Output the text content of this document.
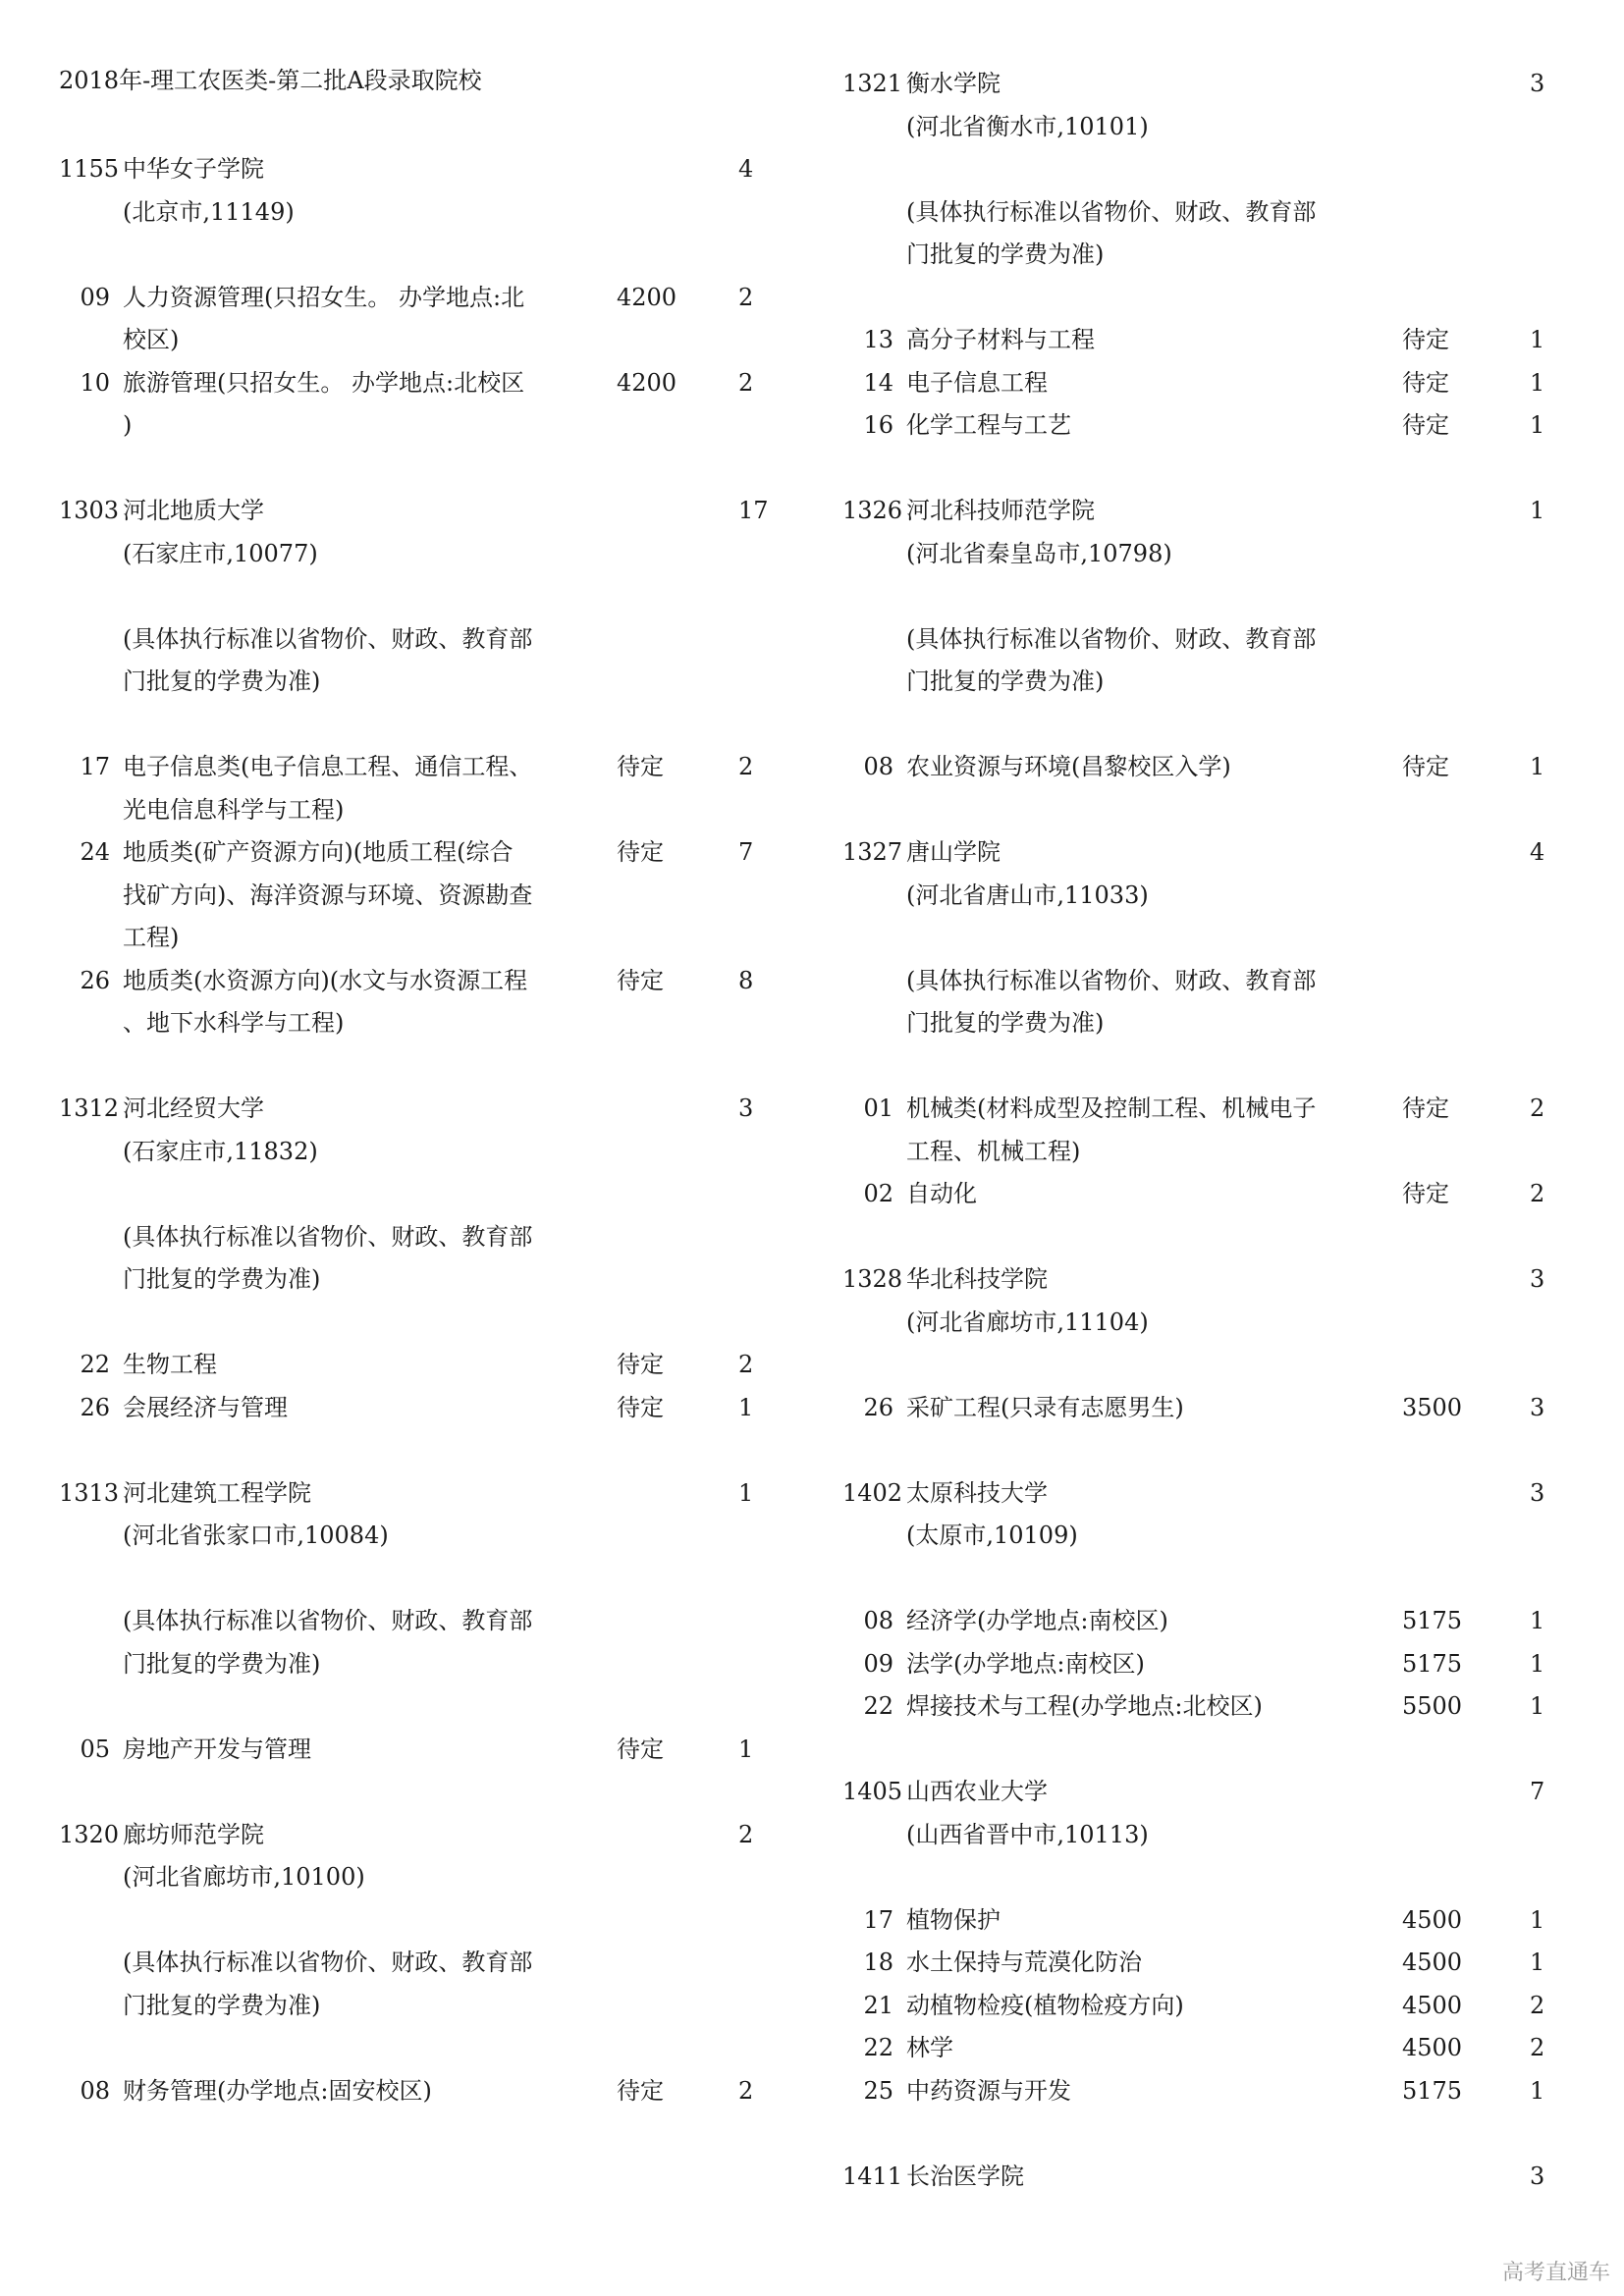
2018年-理工农医类-第二批A段录取院校
1155 中华女子学院	4
(北京市,11149)
09 人力资源管理(只招女生。 办学地点:北	4200	2
校区)
10 旅游管理(只招女生。 办学地点:北校区	4200	2
)
1303 河北地质大学	17
(石家庄市,10077)
(具体执行标准以省物价、财政、教育部
门批复的学费为准)
17 电子信息类(电子信息工程、通信工程、	待定	2
光电信息科学与工程)
24 地质类(矿产资源方向)(地质工程(综合	待定	7
找矿方向)、海洋资源与环境、资源勘查
工程)
26 地质类(水资源方向)(水文与水资源工程	待定	8
、地下水科学与工程)
1312 河北经贸大学	3
(石家庄市,11832)
(具体执行标准以省物价、财政、教育部
门批复的学费为准)
22 生物工程	待定	2
26 会展经济与管理	待定	1
1313 河北建筑工程学院	1
(河北省张家口市,10084)
(具体执行标准以省物价、财政、教育部
门批复的学费为准)
05 房地产开发与管理	待定	1
1320 廊坊师范学院	2
(河北省廊坊市,10100)
(具体执行标准以省物价、财政、教育部
门批复的学费为准)
08 财务管理(办学地点:固安校区)	待定	2
1321 衡水学院	3
(河北省衡水市,10101)
(具体执行标准以省物价、财政、教育部
门批复的学费为准)
13 高分子材料与工程	待定	1
14 电子信息工程	待定	1
16 化学工程与工艺	待定	1
1326 河北科技师范学院	1
(河北省秦皇岛市,10798)
(具体执行标准以省物价、财政、教育部
门批复的学费为准)
08 农业资源与环境(昌黎校区入学)	待定	1
1327 唐山学院	4
(河北省唐山市,11033)
(具体执行标准以省物价、财政、教育部
门批复的学费为准)
01 机械类(材料成型及控制工程、机械电子	待定	2
工程、机械工程)
02 自动化	待定	2
1328 华北科技学院	3
(河北省廊坊市,11104)
26 采矿工程(只录有志愿男生)	3500	3
1402 太原科技大学	3
(太原市,10109)
08 经济学(办学地点:南校区)	5175	1
09 法学(办学地点:南校区)	5175	1
22 焊接技术与工程(办学地点:北校区)	5500	1
1405 山西农业大学	7
(山西省晋中市,10113)
17 植物保护	4500	1
18 水土保持与荒漠化防治	4500	1
21 动植物检疫(植物检疫方向)	4500	2
22 林学	4500	2
25 中药资源与开发	5175	1
1411 长治医学院	3
高考直通车
